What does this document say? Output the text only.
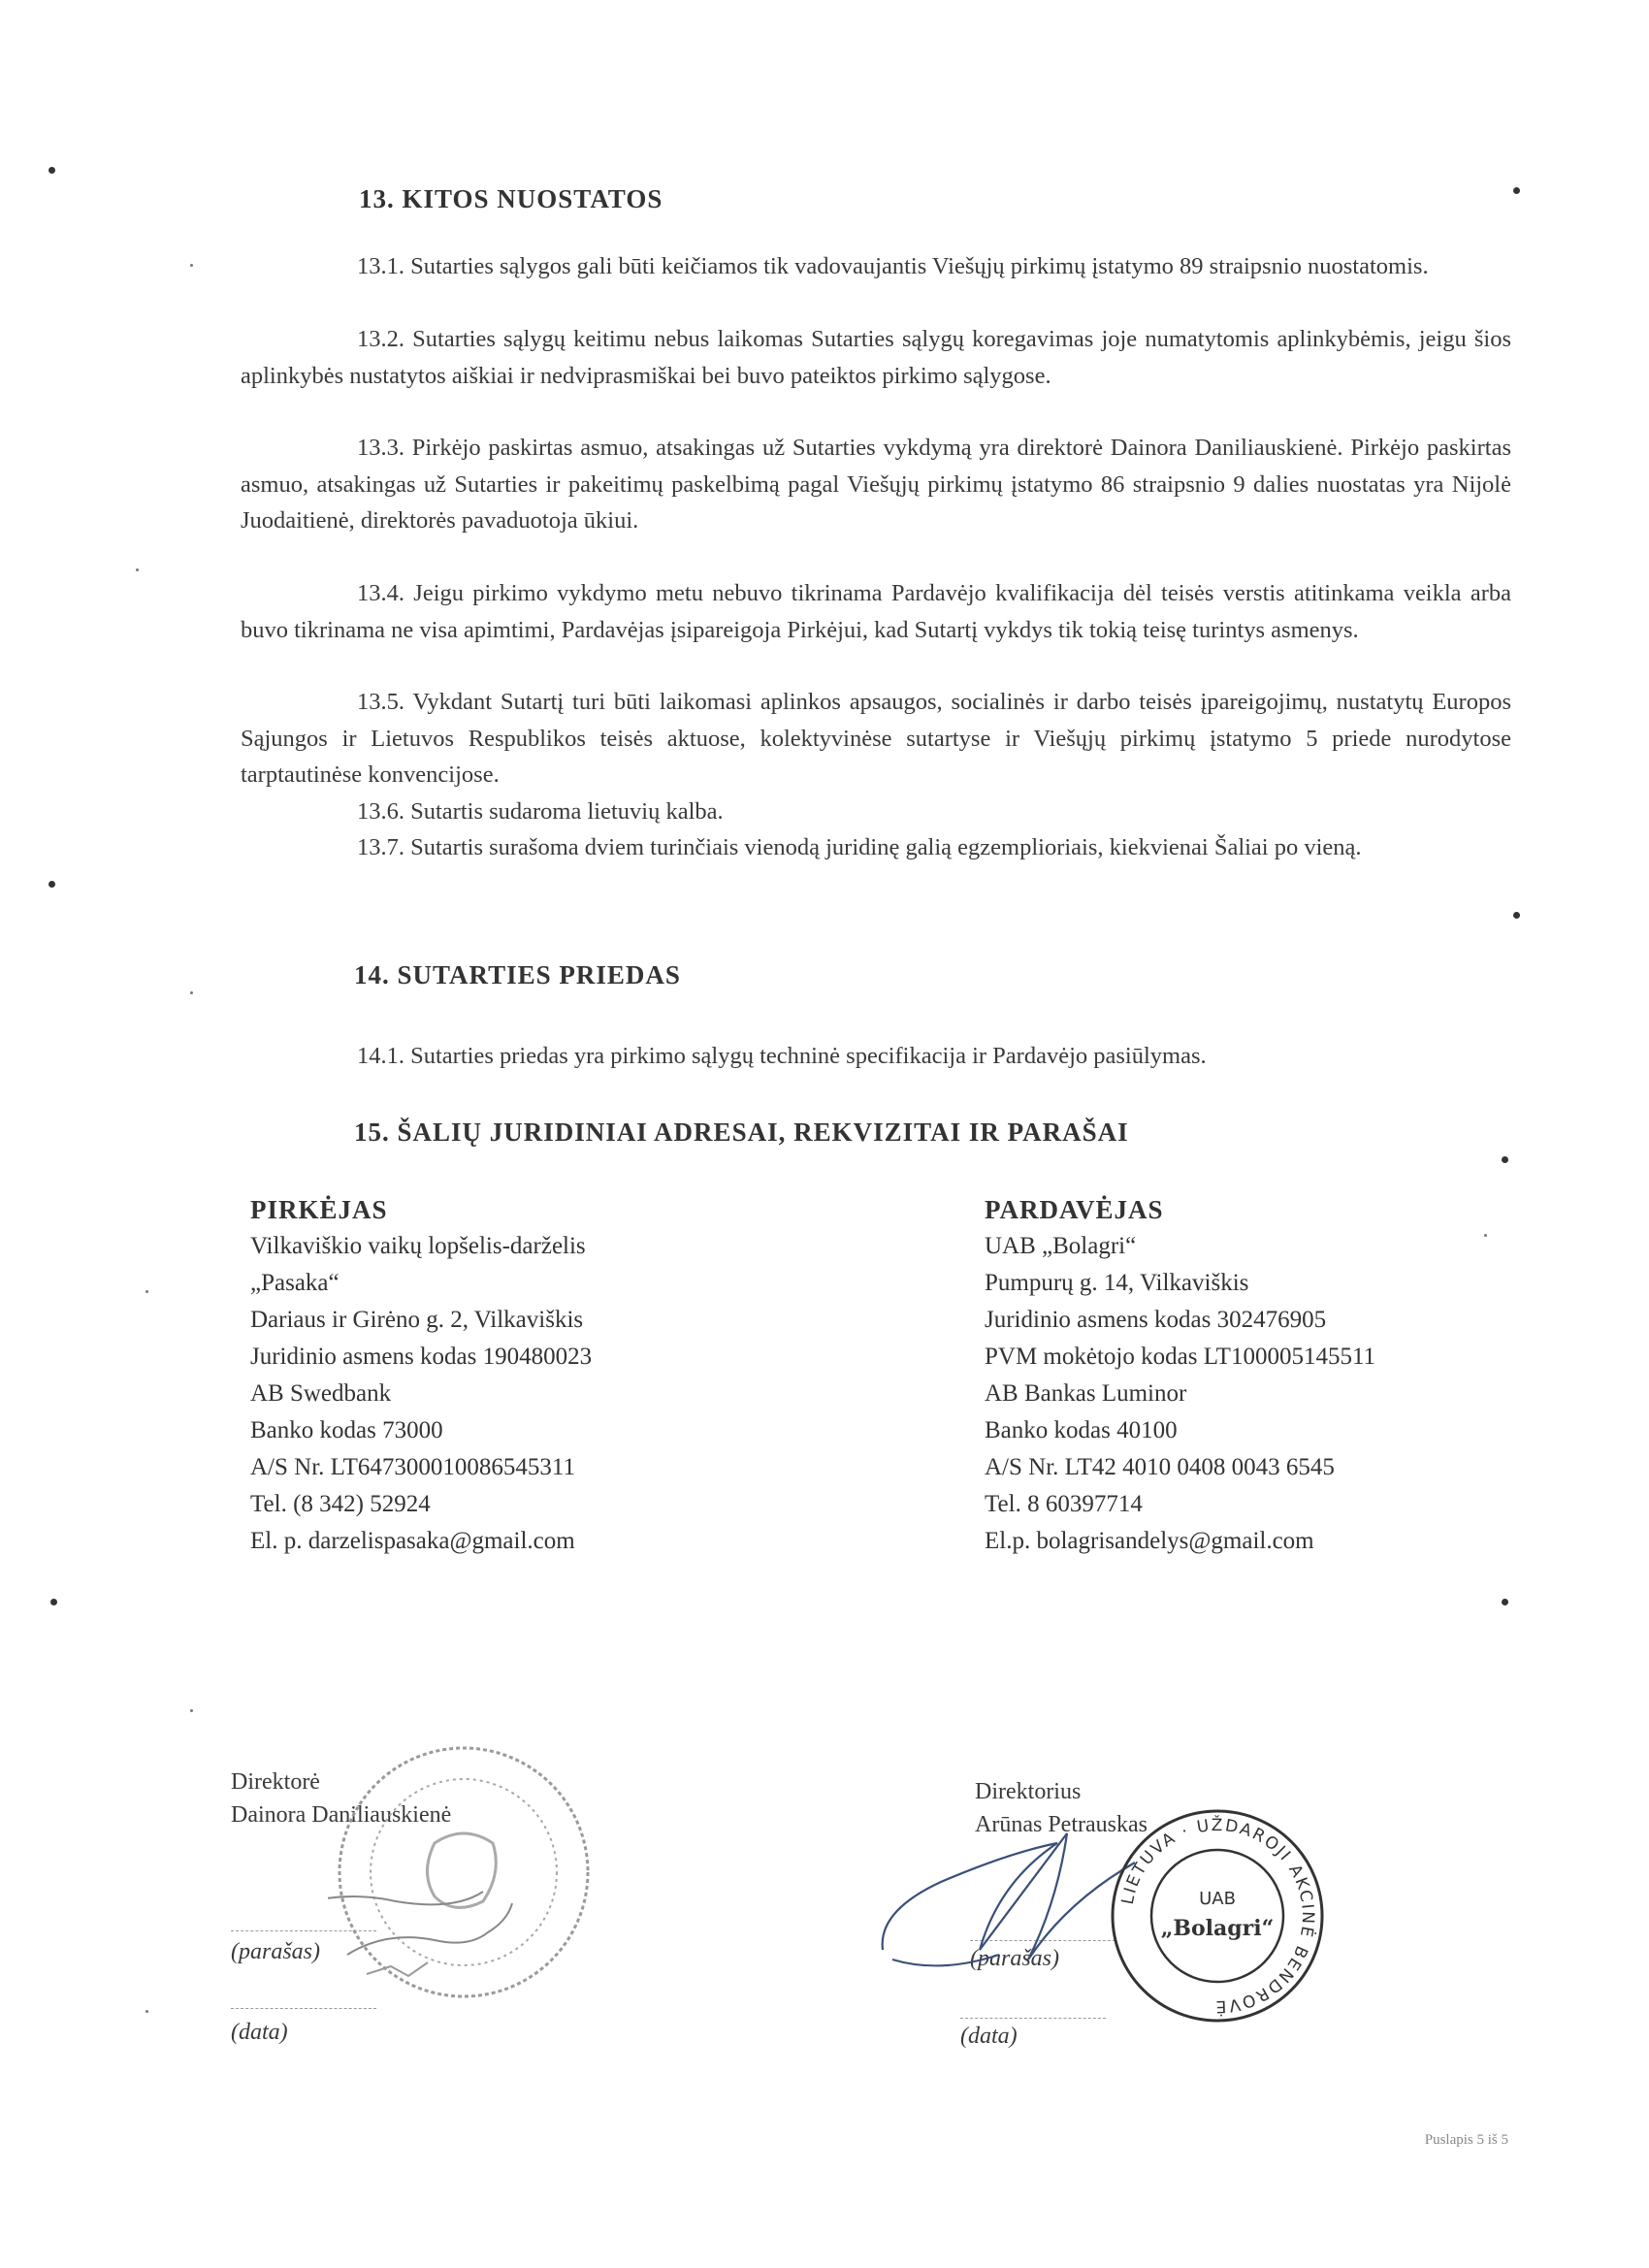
13. KITOS NUOSTATOS
13.1. Sutarties sąlygos gali būti keičiamos tik vadovaujantis Viešųjų pirkimų įstatymo 89 straipsnio nuostatomis.
13.2. Sutarties sąlygų keitimu nebus laikomas Sutarties sąlygų koregavimas joje numatytomis aplinkybėmis, jeigu šios aplinkybės nustatytos aiškiai ir nedviprasmiškai bei buvo pateiktos pirkimo sąlygose.
13.3. Pirkėjo paskirtas asmuo, atsakingas už Sutarties vykdymą yra direktorė Dainora Daniliauskienė. Pirkėjo paskirtas asmuo, atsakingas už Sutarties ir pakeitimų paskelbimą pagal Viešųjų pirkimų įstatymo 86 straipsnio 9 dalies nuostatas yra Nijolė Juodaitienė, direktorės pavaduotoja ūkiui.
13.4. Jeigu pirkimo vykdymo metu nebuvo tikrinama Pardavėjo kvalifikacija dėl teisės verstis atitinkama veikla arba buvo tikrinama ne visa apimtimi, Pardavėjas įsipareigoja Pirkėjui, kad Sutartį vykdys tik tokią teisę turintys asmenys.
13.5. Vykdant Sutartį turi būti laikomasi aplinkos apsaugos, socialinės ir darbo teisės įpareigojimų, nustatytų Europos Sąjungos ir Lietuvos Respublikos teisės aktuose, kolektyvinėse sutartyse ir Viešųjų pirkimų įstatymo 5 priede nurodytose tarptautinėse konvencijose.
13.6. Sutartis sudaroma lietuvių kalba.
13.7. Sutartis surašoma dviem turinčiais vienodą juridinę galią egzemplioriais, kiekvienai Šaliai po vieną.
14. SUTARTIES PRIEDAS
14.1. Sutarties priedas yra pirkimo sąlygų techninė specifikacija ir Pardavėjo pasiūlymas.
15. ŠALIŲ JURIDINIAI ADRESAI, REKVIZITAI IR PARAŠAI
PIRKĖJAS
Vilkaviškio vaikų lopšelis-darželis
„Pasaka“
Dariaus ir Girėno g. 2, Vilkaviškis
Juridinio asmens kodas 190480023
AB Swedbank
Banko kodas 73000
A/S Nr. LT647300010086545311
Tel. (8 342) 52924
El. p. darzelispasaka@gmail.com
PARDAVĖJAS
UAB „Bolagri“
Pumpurų g. 14, Vilkaviškis
Juridinio asmens kodas 302476905
PVM mokėtojo kodas LT100005145511
AB Bankas Luminor
Banko kodas 40100
A/S Nr. LT42 4010 0408 0043 6545
Tel. 8 60397714
El.p. bolagrisandelys@gmail.com
Direktorė
Dainora Daniliauskienė
(parašas)
(data)
Direktorius
Arūnas Petrauskas
(parašas)
(data)
LIETUVA · UŽDAROJI AKCINĖ BENDROVĖ
UAB
„Bolagri“
Puslapis 5 iš 5
